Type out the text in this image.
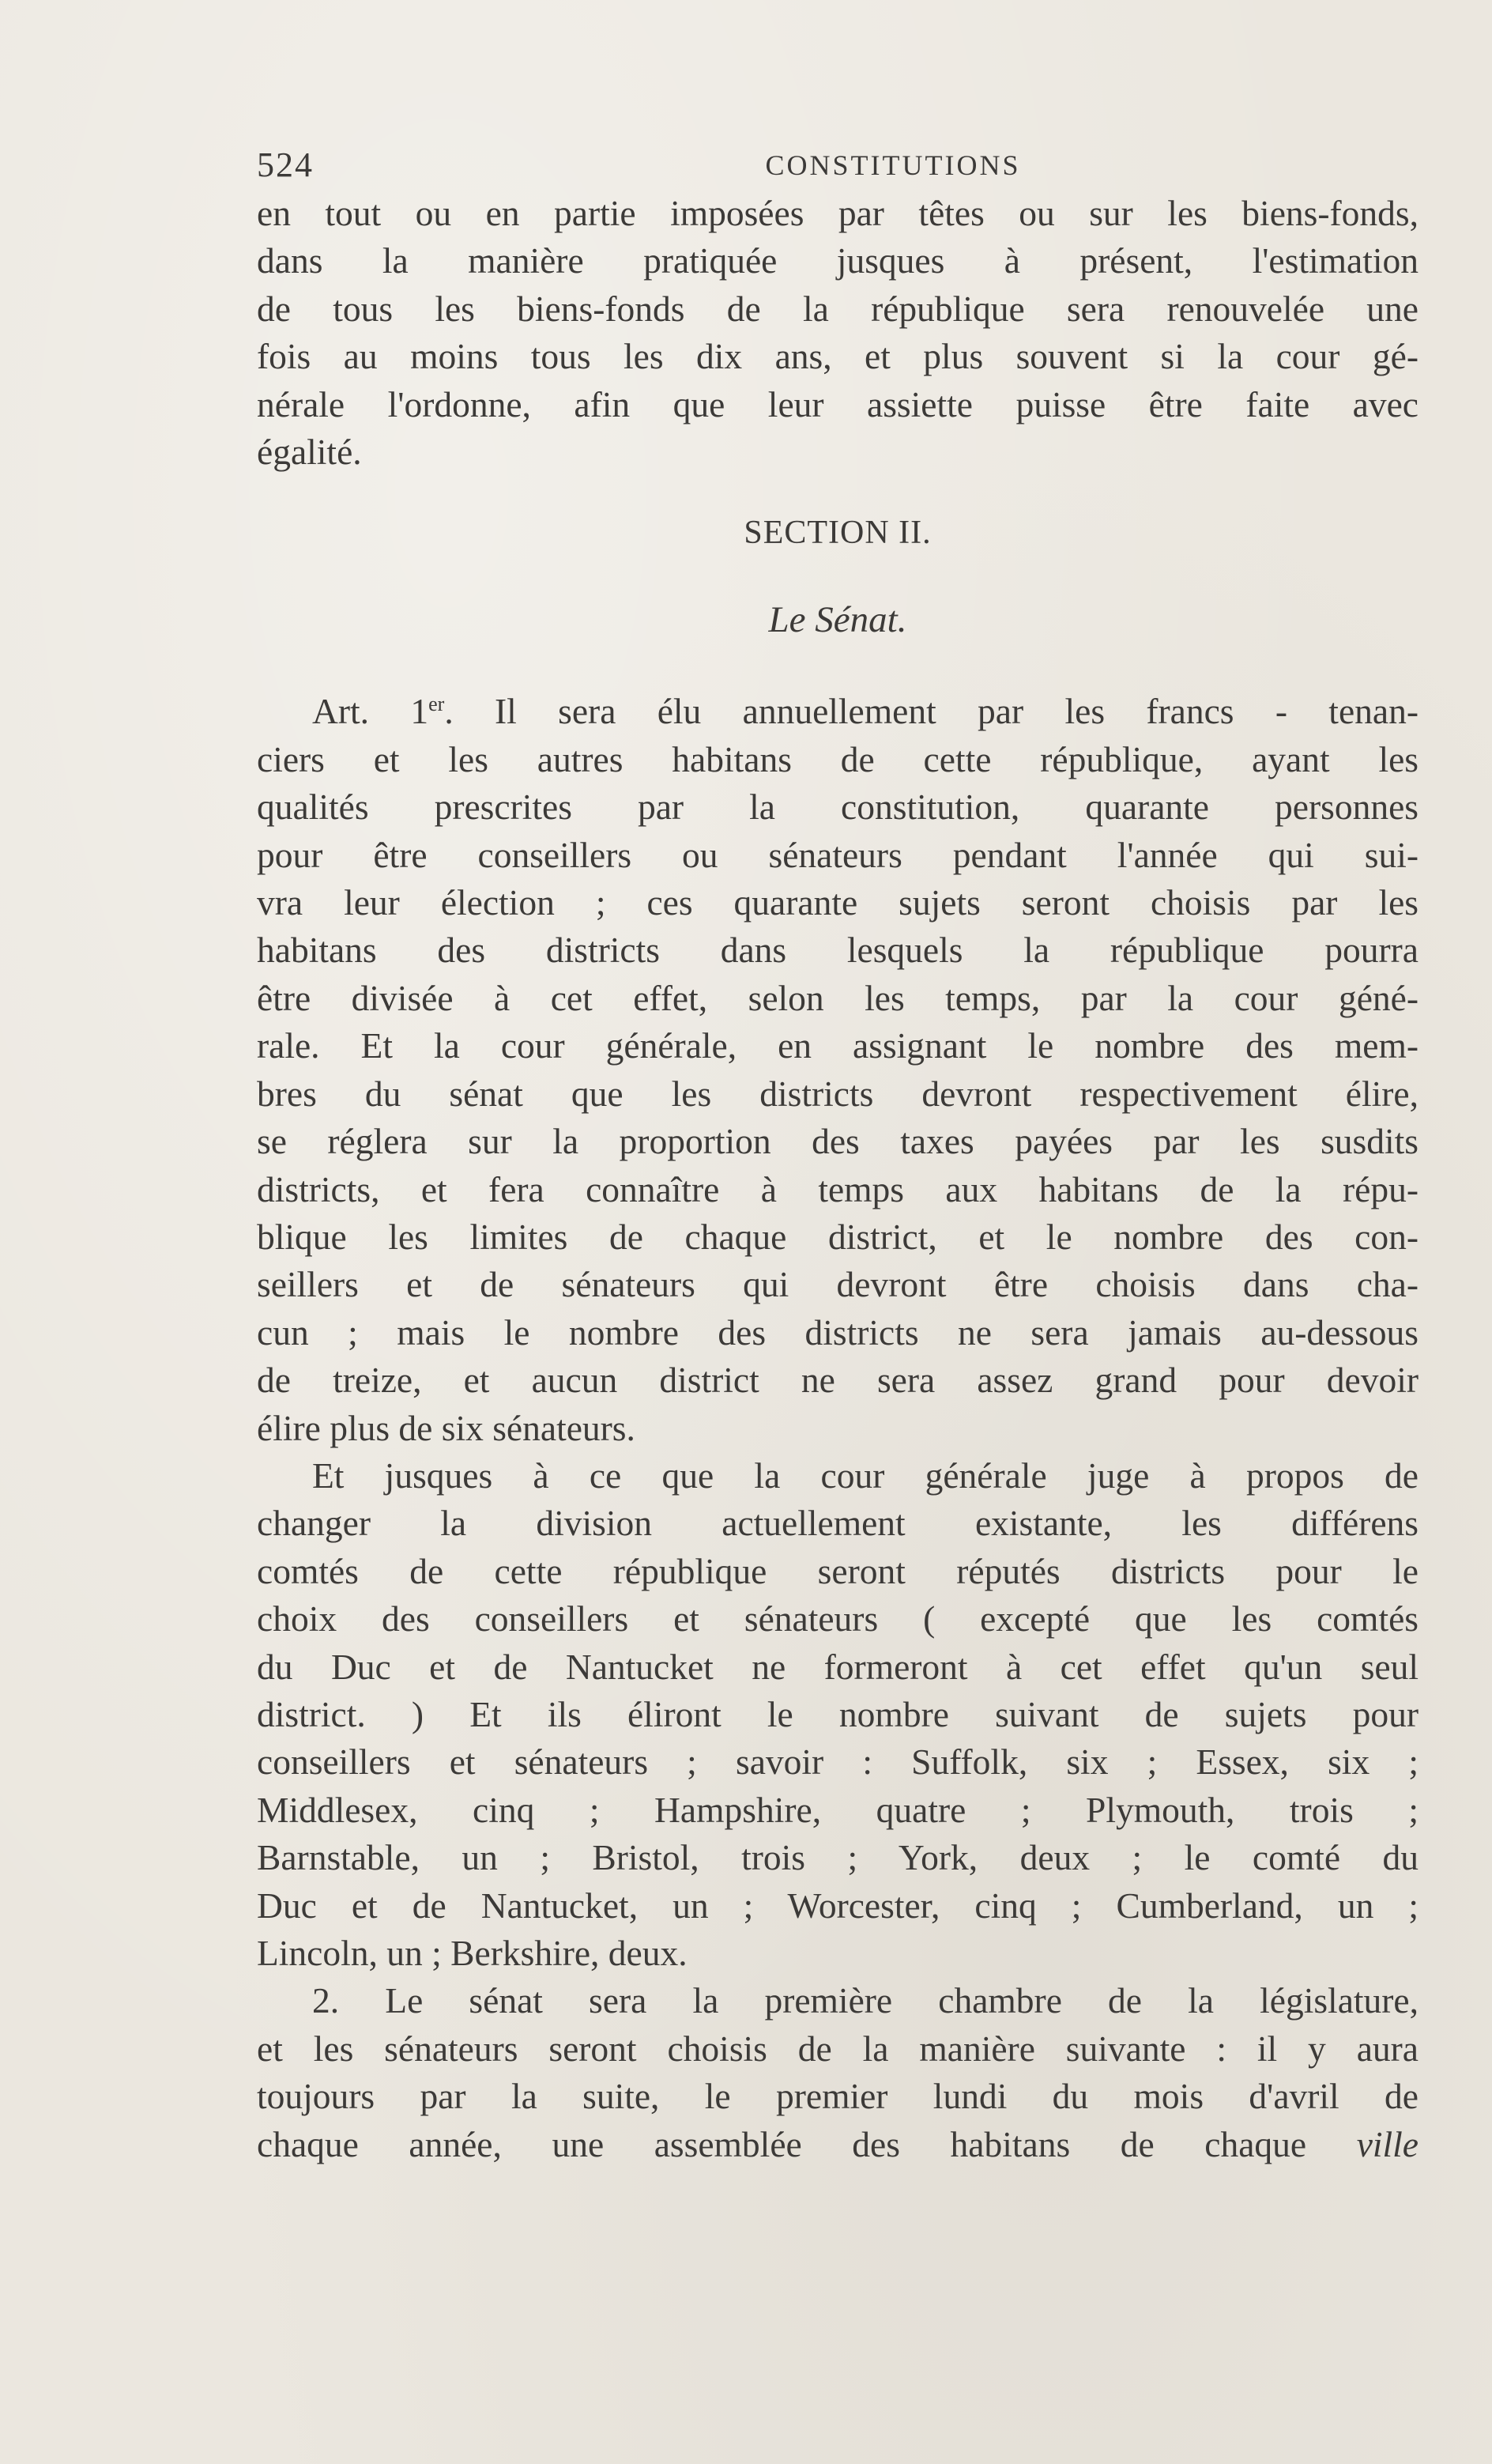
524	CONSTITUTIONS

en tout ou en partie imposées par têtes ou sur les biens-fonds,
dans la manière pratiquée jusques à présent, l'estimation
de tous les biens-fonds de la république sera renouvelée une
fois au moins tous les dix ans, et plus souvent si la cour gé-
nérale l'ordonne, afin que leur assiette puisse être faite avec
égalité.

SECTION II.
Le Sénat.

Art. 1er. Il sera élu annuellement par les francs - tenan-
ciers et les autres habitans de cette république, ayant les
qualités prescrites par la constitution, quarante personnes
pour être conseillers ou sénateurs pendant l'année qui sui-
vra leur élection ; ces quarante sujets seront choisis par les
habitans des districts dans lesquels la république pourra
être divisée à cet effet, selon les temps, par la cour géné-
rale. Et la cour générale, en assignant le nombre des mem-
bres du sénat que les districts devront respectivement élire,
se réglera sur la proportion des taxes payées par les susdits
districts, et fera connaître à temps aux habitans de la répu-
blique les limites de chaque district, et le nombre des con-
seillers et de sénateurs qui devront être choisis dans cha-
cun ; mais le nombre des districts ne sera jamais au-dessous
de treize, et aucun district ne sera assez grand pour devoir
élire plus de six sénateurs.

Et jusques à ce que la cour générale juge à propos de
changer la division actuellement existante, les différens
comtés de cette république seront réputés districts pour le
choix des conseillers et sénateurs ( excepté que les comtés
du Duc et de Nantucket ne formeront à cet effet qu'un seul
district. ) Et ils éliront le nombre suivant de sujets pour
conseillers et sénateurs ; savoir : Suffolk, six ; Essex, six ;
Middlesex, cinq ; Hampshire, quatre ; Plymouth, trois ;
Barnstable, un ; Bristol, trois ; York, deux ; le comté du
Duc et de Nantucket, un ; Worcester, cinq ; Cumberland, un ;
Lincoln, un ; Berkshire, deux.

2. Le sénat sera la première chambre de la législature,
et les sénateurs seront choisis de la manière suivante : il y aura
toujours par la suite, le premier lundi du mois d'avril de
chaque année, une assemblée des habitans de chaque ville
